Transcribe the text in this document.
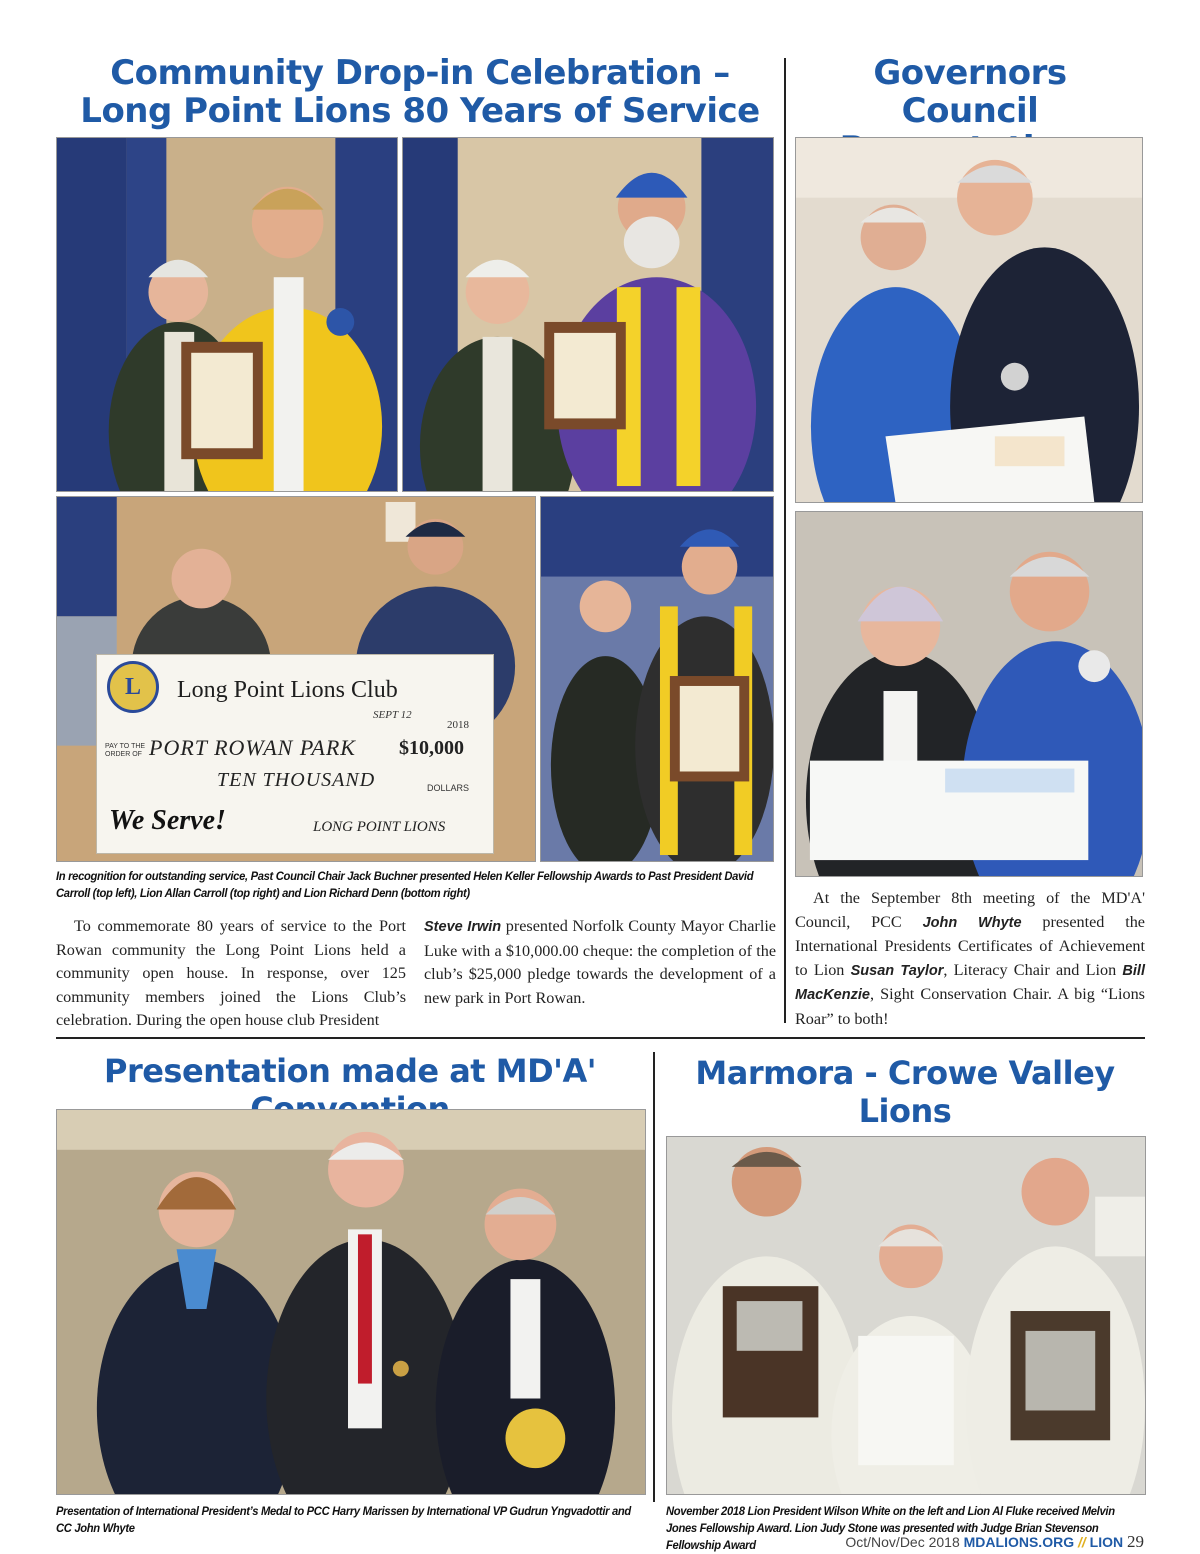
Community Drop-in Celebration –
Long Point Lions 80 Years of Service
Governors Council
L	Long Point Lions Club
SEPT 12
2018
PAY TO THE ORDER OF PORT ROWAN PARK $10,000
TEN THOUSAND	DOLLARS
We Serve!	LONG POINT LIONS
In recognition for outstanding service, Past Council Chair Jack Buchner presented Helen Keller Fellowship Awards to Past President David Carroll (top left), Lion Allan Carroll (top right) and Lion Richard Denn (bottom right)

To commemorate 80 years of service to the Port Rowan community the Long Point Lions held a community open house. In response, over 125 community members joined the Lions Club’s celebration. During the open house club President

Steve Irwin presented Norfolk County Mayor Charlie Luke with a $10,000.00 cheque: the completion of the club’s $25,000 pledge towards the development of a new park in Port Rowan.

At the September 8th meeting of the MD'A' Council, PCC John Whyte presented the International Presidents Certificates of Achievement to Lion Susan Taylor, Literacy Chair and Lion Bill MacKenzie, Sight Conservation Chair. A big “Lions Roar” to both!

Presentation made at MD'A'
Presentation of International President’s Medal to PCC Harry Marissen by International VP Gudrun Yngvadottir and CC John Whyte
Marmora - Crowe Valley
Lions
November 2018 Lion President Wilson White on the left and Lion Al Fluke received Melvin Jones Fellowship Award. Lion Judy Stone was presented with Judge Brian Stevenson Fellowship Award	Oct/Nov/Dec 2018 MDALIONS.ORG // LION 29
